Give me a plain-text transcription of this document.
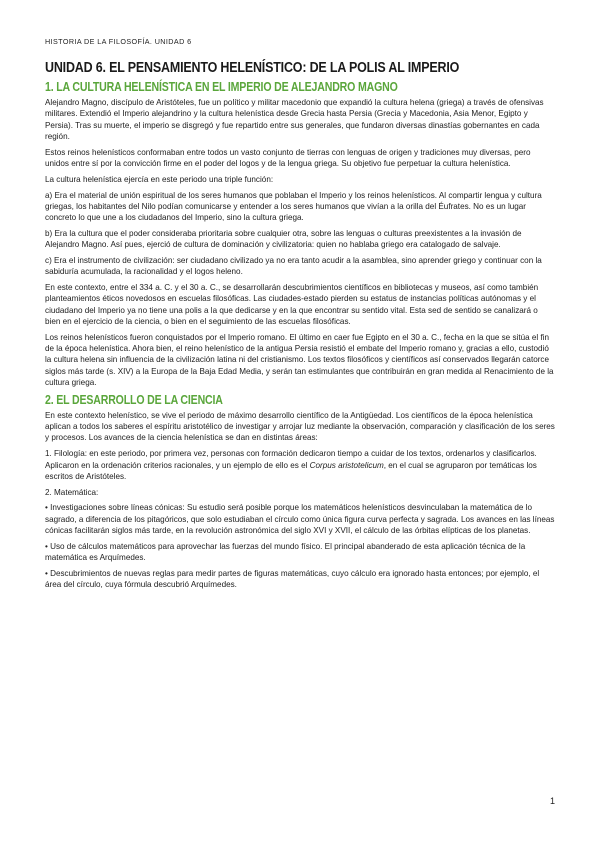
HISTORIA DE LA FILOSOFÍA. UNIDAD 6
UNIDAD 6. EL PENSAMIENTO HELENÍSTICO: DE LA POLIS AL IMPERIO
1. LA CULTURA HELENÍSTICA EN EL IMPERIO DE ALEJANDRO MAGNO

Alejandro Magno, discípulo de Aristóteles, fue un político y militar macedonio que expandió la cultura helena (griega) a través de ofensivas militares. Extendió el Imperio alejandrino y la cultura helenística desde Grecia hasta Persia (Grecia y Macedonia, Asia Menor, Egipto y Persia). Tras su muerte, el imperio se disgregó y fue repartido entre sus generales, que fundaron diversas dinastías gobernantes en cada región.

Estos reinos helenísticos conformaban entre todos un vasto conjunto de tierras con lenguas de origen y tradiciones muy diversas, pero unidos entre sí por la convicción firme en el poder del logos y de la lengua griega. Su objetivo fue perpetuar la cultura helenística.

La cultura helenística ejercía en este periodo una triple función:

a) Era el material de unión espiritual de los seres humanos que poblaban el Imperio y los reinos helenísticos. Al compartir lengua y cultura griegas, los habitantes del Nilo podían comunicarse y entender a los seres humanos que vivían a la orilla del Éufrates. No es un lugar concreto lo que une a los ciudadanos del Imperio, sino la cultura griega.

b) Era la cultura que el poder consideraba prioritaria sobre cualquier otra, sobre las lenguas o culturas preexistentes a la invasión de Alejandro Magno. Así pues, ejerció de cultura de dominación y civilizatoria: quien no hablaba griego era catalogado de salvaje.

c) Era el instrumento de civilización: ser ciudadano civilizado ya no era tanto acudir a la asamblea, sino aprender griego y continuar con la sabiduría acumulada, la racionalidad y el logos heleno.

En este contexto, entre el 334 a. C. y el 30 a. C., se desarrollarán descubrimientos científicos en bibliotecas y museos, así como también planteamientos éticos novedosos en escuelas filosóficas. Las ciudades-estado pierden su estatus de instancias políticas autónomas y el ciudadano del Imperio ya no tiene una polis a la que dedicarse y en la que encontrar su sentido vital. Esta sed de sentido se canalizará o bien en el ejercicio de la ciencia, o bien en el seguimiento de las escuelas filosóficas.

Los reinos helenísticos fueron conquistados por el Imperio romano. El último en caer fue Egipto en el 30 a. C., fecha en la que se sitúa el fin de la época helenística. Ahora bien, el reino helenístico de la antigua Persia resistió el embate del Imperio romano y, gracias a ello, custodió la cultura helena sin influencia de la civilización latina ni del cristianismo. Los textos filosóficos y científicos así conservados llegarán catorce siglos más tarde (s. XIV) a la Europa de la Baja Edad Media, y serán tan estimulantes que contribuirán en gran medida al Renacimiento de la cultura griega.

2. EL DESARROLLO DE LA CIENCIA

En este contexto helenístico, se vive el periodo de máximo desarrollo científico de la Antigüedad. Los científicos de la época helenística aplican a todos los saberes el espíritu aristotélico de investigar y arrojar luz mediante la observación, comparación y clasificación de los seres y procesos. Los avances de la ciencia helenística se dan en distintas áreas:

1. Filología: en este periodo, por primera vez, personas con formación dedicaron tiempo a cuidar de los textos, ordenarlos y clasificarlos. Aplicaron en la ordenación criterios racionales, y un ejemplo de ello es el Corpus aristotelicum, en el cual se agruparon por temáticas los escritos de Aristóteles.

2. Matemática:

• Investigaciones sobre líneas cónicas: Su estudio será posible porque los matemáticos helenísticos desvinculaban la matemática de lo sagrado, a diferencia de los pitagóricos, que solo estudiaban el círculo como única figura curva perfecta y sagrada. Los avances en las líneas cónicas facilitarán siglos más tarde, en la revolución astronómica del siglo XVI y XVII, el cálculo de las órbitas elípticas de los planetas.

• Uso de cálculos matemáticos para aprovechar las fuerzas del mundo físico. El principal abanderado de esta aplicación técnica de la matemática es Arquímedes.

• Descubrimientos de nuevas reglas para medir partes de figuras matemáticas, cuyo cálculo era ignorado hasta entonces; por ejemplo, el área del círculo, cuya fórmula descubrió Arquímedes.

1
